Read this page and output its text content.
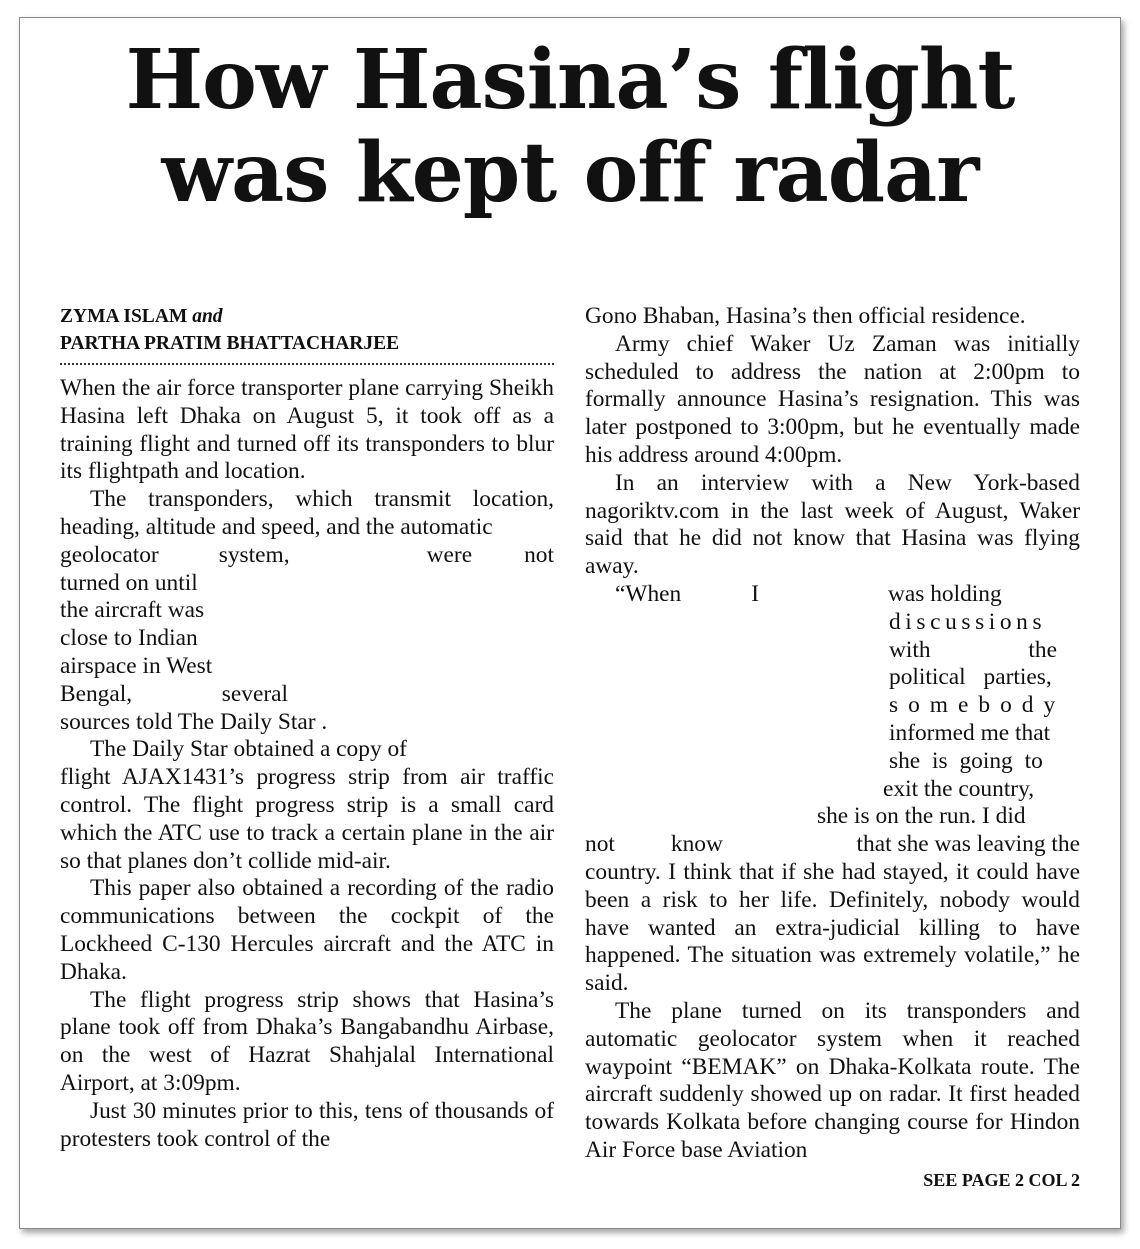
How Hasina’s flight
was kept off radar
ZYMA ISLAM and
PARTHA PRATIM BHATTACHARJEE

When the air force transporter plane carrying Sheikh Hasina left Dhaka on August 5, it took off as a training flight and turned off its transponders to blur its flightpath and location.

The transponders, which transmit location, heading, altitude and speed, and the automatic

geolocator	system,	were not
turned on until
the aircraft was
close to Indian
airspace in West
Bengal,	several
sources told The Daily Star .

The Daily Star obtained a copy of

flight AJAX1431’s progress strip from air traffic control. The flight progress strip is a small card which the ATC use to track a certain plane in the air so that planes don’t collide mid-air.

This paper also obtained a recording of the radio communications between the cockpit of the Lockheed C-130 Hercules aircraft and the ATC in Dhaka.

The flight progress strip shows that Hasina’s plane took off from Dhaka’s Bangabandhu Airbase, on the west of Hazrat Shahjalal International Airport, at 3:09pm.

Just 30 minutes prior to this, tens of thousands of protesters took control of the

Gono Bhaban, Hasina’s then official residence.

Army chief Waker Uz Zaman was initially scheduled to address the nation at 2:00pm to formally announce Hasina’s resignation. This was later postponed to 3:00pm, but he eventually made his address around 4:00pm.

In an interview with a New York-based nagoriktv.com in the last week of August, Waker said that he did not know that Hasina was flying away.

“When	I	was holding
discussions
with the
political parties,
somebody
informed me that
she is going to
exit the country,
she is on the run. I did
not know	that she was leaving the

country. I think that if she had stayed, it could have been a risk to her life. Definitely, nobody would have wanted an extra-judicial killing to have happened. The situation was extremely volatile,” he said.

The plane turned on its transponders and automatic geolocator system when it reached waypoint “BEMAK” on Dhaka-Kolkata route. The aircraft suddenly showed up on radar. It first headed towards Kolkata before changing course for Hindon Air Force base Aviation

SEE PAGE 2 COL 2
